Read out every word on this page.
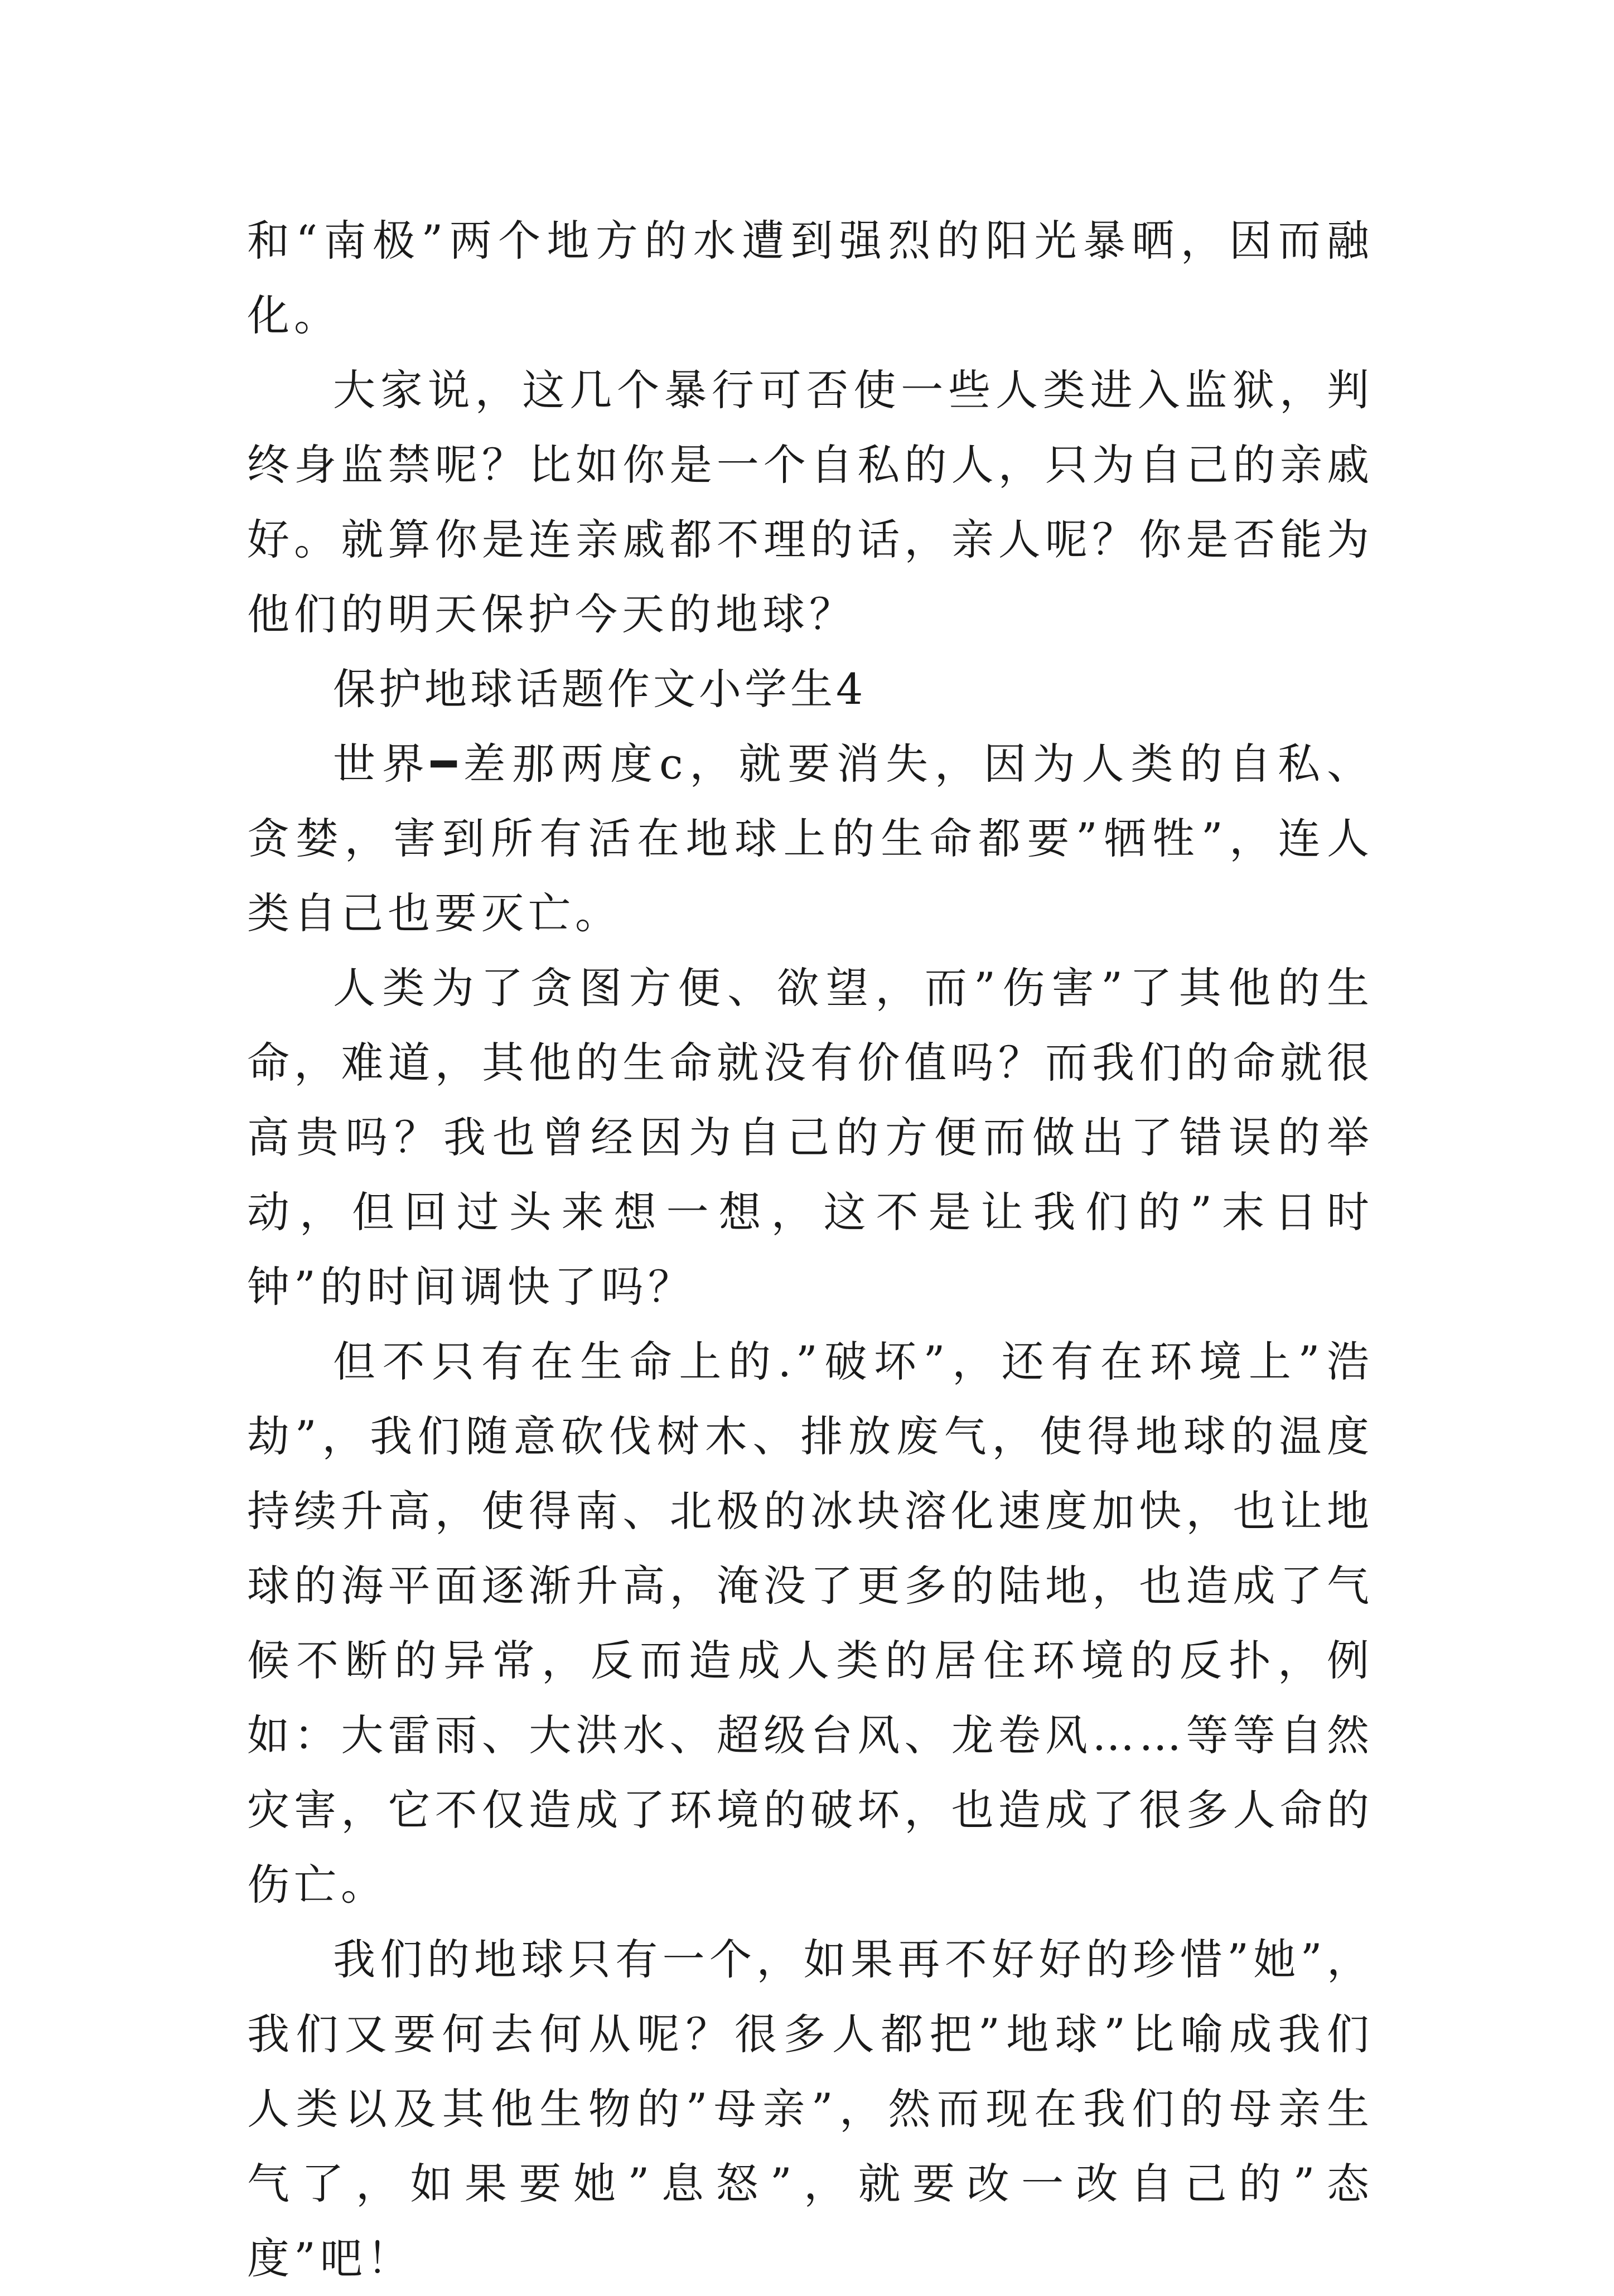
和“南极”两个地方的水遭到强烈的阳光暴晒，因而融化。

大家说，这几个暴行可否使一些人类进入监狱，判终身监禁呢？比如你是一个自私的人，只为自己的亲戚好。就算你是连亲戚都不理的话，亲人呢？你是否能为他们的明天保护今天的地球？

保护地球话题作文小学生4

世界━差那两度c，就要消失，因为人类的自私、贪婪，害到所有活在地球上的生命都要”牺牲”，连人类自己也要灭亡。

人类为了贪图方便、欲望，而”伤害”了其他的生命，难道，其他的生命就没有价值吗？而我们的命就很高贵吗？我也曾经因为自己的方便而做出了错误的举动，但回过头来想一想，这不是让我们的”末日时钟”的时间调快了吗？

但不只有在生命上的.”破坏”，还有在环境上”浩劫”，我们随意砍伐树木、排放废气，使得地球的温度持续升高，使得南、北极的冰块溶化速度加快，也让地球的海平面逐渐升高，淹没了更多的陆地，也造成了气候不断的异常，反而造成人类的居住环境的反扑，例如：大雷雨、大洪水、超级台风、龙卷风……等等自然灾害，它不仅造成了环境的破坏，也造成了很多人命的伤亡。

我们的地球只有一个，如果再不好好的珍惜”她”，我们又要何去何从呢？很多人都把”地球”比喻成我们人类以及其他生物的”母亲”，然而现在我们的母亲生气了，如果要她”息怒”，就要改一改自己的”态度”吧！
